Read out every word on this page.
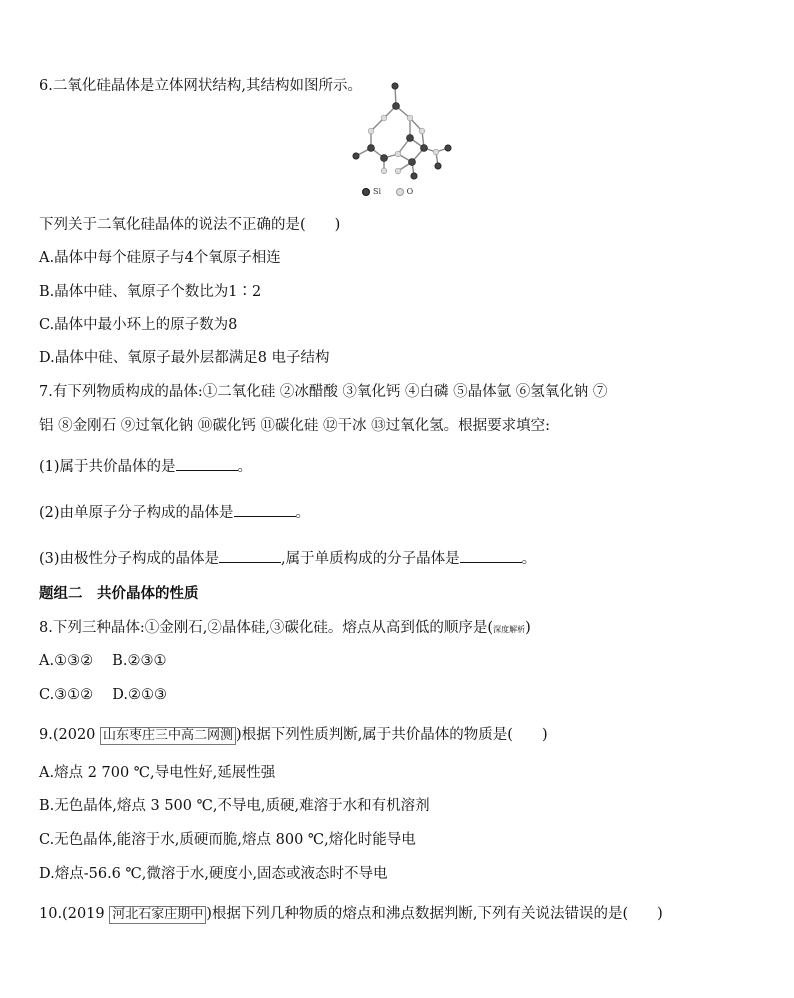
6.二氧化硅晶体是立体网状结构,其结构如图所示。
Si	O
下列关于二氧化硅晶体的说法不正确的是(　　)
A.晶体中每个硅原子与4个氧原子相连
B.晶体中硅、氧原子个数比为1∶2
C.晶体中最小环上的原子数为8
D.晶体中硅、氧原子最外层都满足8 电子结构
7.有下列物质构成的晶体:①二氧化硅 ②冰醋酸 ③氧化钙 ④白磷 ⑤晶体氩 ⑥氢氧化钠 ⑦
铝 ⑧金刚石 ⑨过氧化钠 ⑩碳化钙 ⑪碳化硅 ⑫干冰 ⑬过氧化氢。根据要求填空:
(1)属于共价晶体的是	。
(2)由单原子分子构成的晶体是	。
(3)由极性分子构成的晶体是	,属于单质构成的分子晶体是	。
题组二　共价晶体的性质
8.下列三种晶体:①金刚石,②晶体硅,③碳化硅。熔点从高到低的顺序是(深度解析)
A.①③②　 B.②③①
C.③①②　 D.②①③
9.(2020 山东枣庄三中高二网测 )根据下列性质判断,属于共价晶体的物质是(　　)
A.熔点 2 700 ℃,导电性好,延展性强
B.无色晶体,熔点 3 500 ℃,不导电,质硬,难溶于水和有机溶剂
C.无色晶体,能溶于水,质硬而脆,熔点 800 ℃,熔化时能导电
D.熔点-56.6 ℃,微溶于水,硬度小,固态或液态时不导电
10.(2019 河北石家庄期中 )根据下列几种物质的熔点和沸点数据判断,下列有关说法错误的是(　　)
